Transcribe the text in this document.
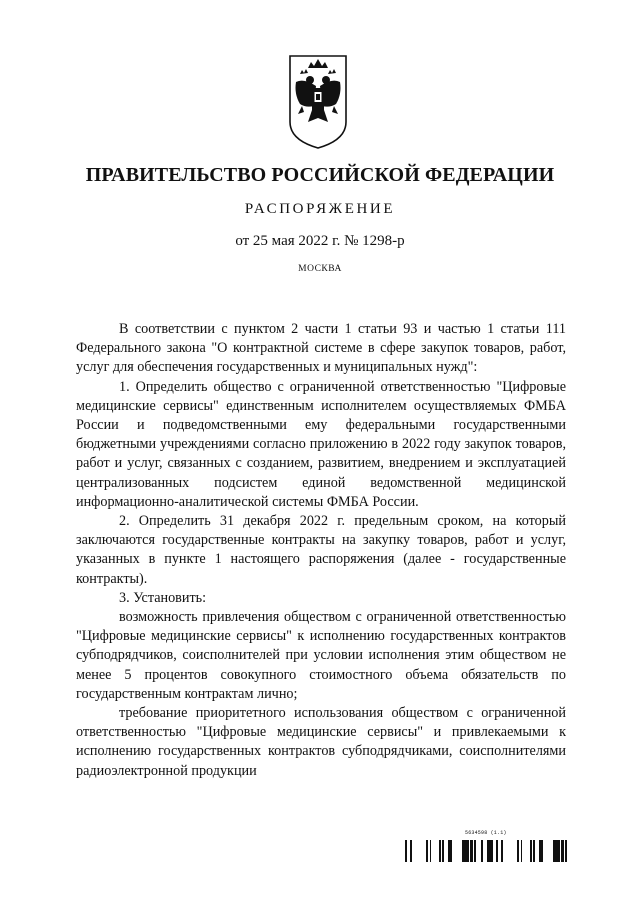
ПРАВИТЕЛЬСТВО РОССИЙСКОЙ ФЕДЕРАЦИИ
РАСПОРЯЖЕНИЕ
от 25 мая 2022 г. № 1298-р
МОСКВА

В соответствии с пунктом 2 части 1 статьи 93 и частью 1 статьи 111 Федерального закона "О контрактной системе в сфере закупок товаров, работ, услуг для обеспечения государственных и муниципальных нужд":

1. Определить общество с ограниченной ответственностью "Цифровые медицинские сервисы" единственным исполнителем осуществляемых ФМБА России и подведомственными ему федеральными государственными бюджетными учреждениями согласно приложению в 2022 году закупок товаров, работ и услуг, связанных с созданием, развитием, внедрением и эксплуатацией централизованных подсистем единой ведомственной медицинской информационно-аналитической системы ФМБА России.

2. Определить 31 декабря 2022 г. предельным сроком, на который заключаются государственные контракты на закупку товаров, работ и услуг, указанных в пункте 1 настоящего распоряжения (далее - государственные контракты).

3. Установить:

возможность привлечения обществом с ограниченной ответственностью "Цифровые медицинские сервисы" к исполнению государственных контрактов субподрядчиков, соисполнителей при условии исполнения этим обществом не менее 5 процентов совокупного стоимостного объема обязательств по государственным контрактам лично;

требование приоритетного использования обществом с ограниченной ответственностью "Цифровые медицинские сервисы" и привлекаемыми к исполнению государственных контрактов субподрядчиками, соисполнителями радиоэлектронной продукции

5634598 (1.1)
